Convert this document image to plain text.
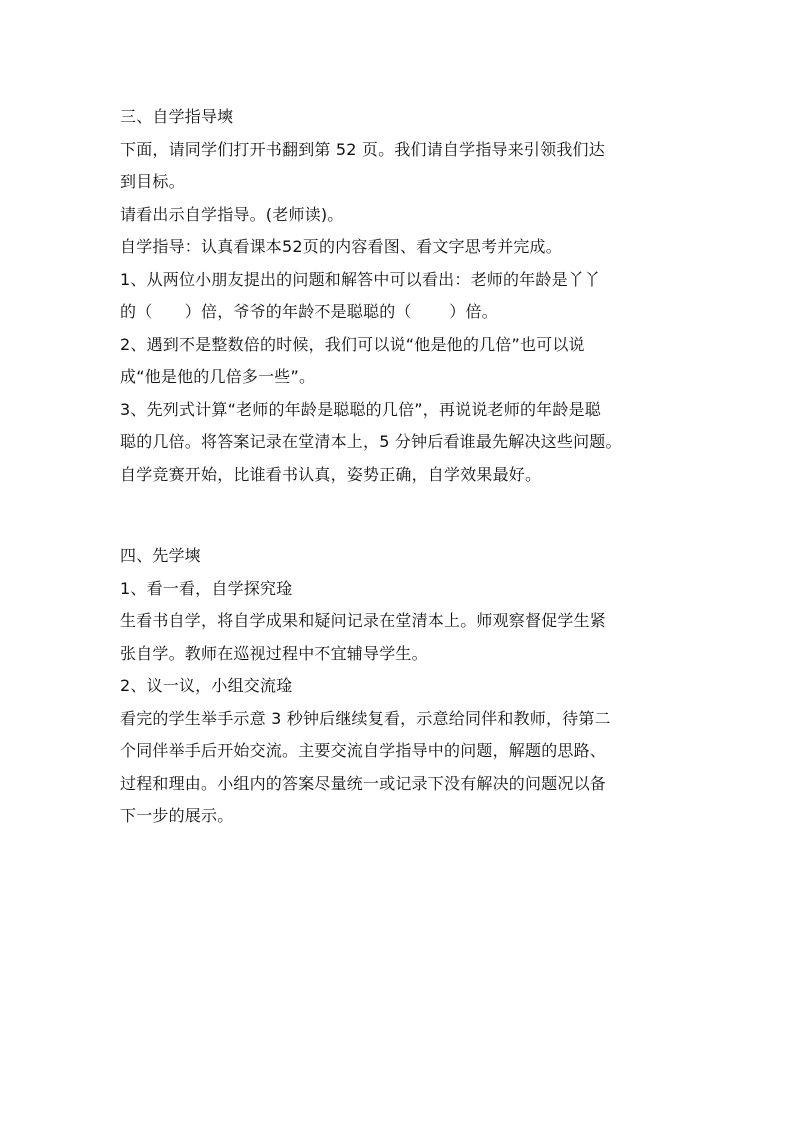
三、自学指导塽
下面，请同学们打开书翻到第 52 页。我们请自学指导来引领我们达
到目标。
请看出示自学指导。(老师读)。
自学指导：认真看课本52页的内容看图、看文字思考并完成。
1、从两位小朋友提出的问题和解答中可以看出：老师的年龄是丫丫
的（　　）倍，爷爷的年龄不是聪聪的（　　 ）倍。
2、遇到不是整数倍的时候，我们可以说“他是他的几倍”也可以说
成“他是他的几倍多一些”。
3、先列式计算“老师的年龄是聪聪的几倍”，再说说老师的年龄是聪
聪的几倍。将答案记录在堂清本上，5 分钟后看谁最先解决这些问题。
自学竞赛开始，比谁看书认真，姿势正确，自学效果最好。
四、先学塽
1、看一看，自学探究琻
生看书自学，将自学成果和疑问记录在堂清本上。师观察督促学生紧
张自学。教师在巡视过程中不宜辅导学生。
2、议一议，小组交流琻
看完的学生举手示意 3 秒钟后继续复看，示意给同伴和教师，待第二
个同伴举手后开始交流。主要交流自学指导中的问题，解题的思路、
过程和理由。小组内的答案尽量统一或记录下没有解决的问题况以备
下一步的展示。
